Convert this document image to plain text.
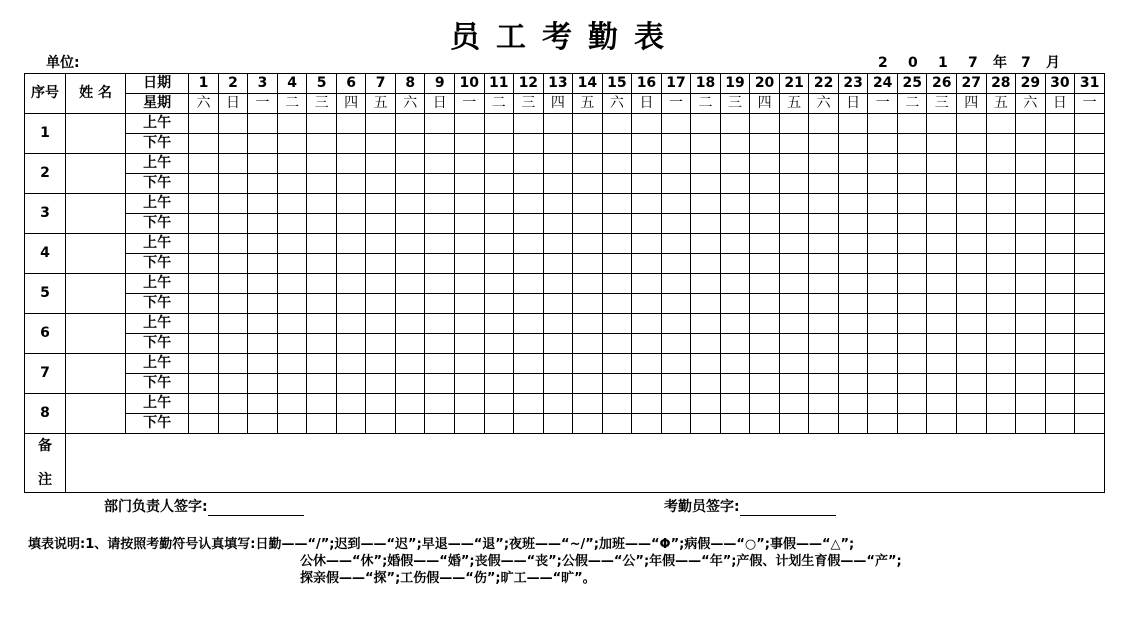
员工考勤表
单位:	2 0 1 7 年 7 月
序号	姓 名	日期	1	2	3	4	5	6	7	8	9	10	11	12	13	14	15	16	17	18	19	20	21	22	23	24	25	26	27	28	29	30	31
		星期	六	日	一	二	三	四	五	六	日	一	二	三	四	五	六	日	一	二	三	四	五	六	日	一	二	三	四	五	六	日	一
1		上午																															
		下午																															
2		上午																															
		下午																															
3		上午																															
		下午																															
4		上午																															
		下午																															
5		上午																															
		下午																															
6		上午																															
		下午																															
7		上午																															
		下午																															
8		上午																															
		下午																															

备
注																																	

部门负责人签字:	考勤员签字:
填表说明:1、请按照考勤符号认真填写:日勤——“/”;迟到——“迟”;早退——“退”;夜班——“~/”;加班——“Φ”;病假——“○”;事假——“△”;
公休——“休”;婚假——“婚”;丧假——“丧”;公假——“公”;年假——“年”;产假、计划生育假——“产”;
探亲假——“探”;工伤假——“伤”;旷工——“旷”。
